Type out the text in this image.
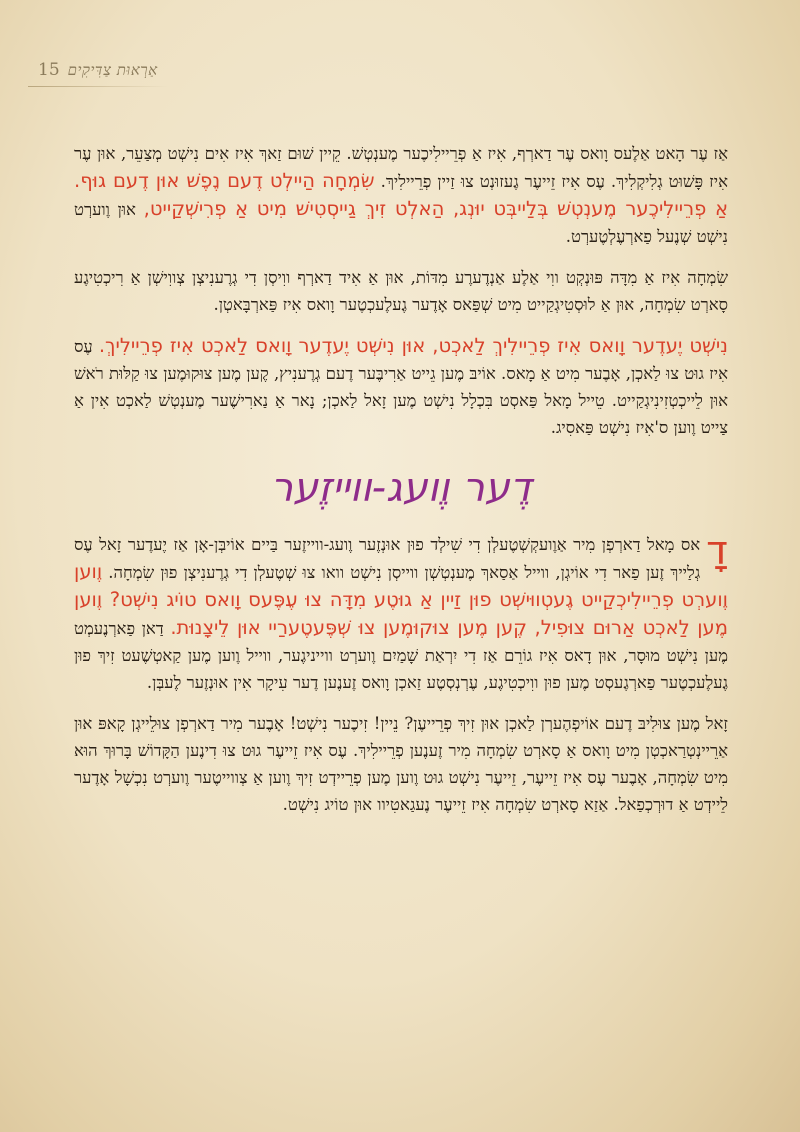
15 אַרְאוּת צַדִּיקִים

אַז עֶר הָאט אַלֶעס וָואס עֶר דַארְף, אִיז אַ פְרֵיילִיכֶער מֶענְטְשׁ. קֵיין שׁוּם זַאךְ אִיז אִים נִישְׁט מְצַעֵר, אוּן עֶר אִיז פָּשׁוּט גְלִיקְלִיךְ. עֶס אִיז זֵייעֶר גֶעזוּנְט צוּ זַיין פְרֵיילִיךְ. שִׂמְחָה הַיילְט דֶעם נֶפֶשׁ אוּן דֶעם גוּף. אַ פְרֵיילִיכֶער מֶענְטְשׁ בְּלַייבְּט יוּנְג, הַאלְט זִיךְ גַייסְטִישׁ מִיט אַ פְרִישְׁקַייט, אוּן וֶוערְט נִישְׁט שְׁנֶעל פַארְעֶלְטֶערְט.

שִׂמְחָה אִיז אַ מִדָּה פּוּנְקְט ווִי אַלֶע אַנְדֶערֶע מִדּוֹת, אוּן אַ אִיד דַארְף ווִיסְן דִי גְרֶענִיצְן צְווִישְׁן אַ רִיכְטִיגֶע סָארְט שִׂמְחָה, אוּן אַ לוּסְטִיגְקַייט מִיט שְׁפַּאס אָדֶער גֶעלֶעכְטֶער וָואס אִיז פַּארְבָּאטְן.

נִישְׁט יֶעדֶער וָואס אִיז פְרֵיילִיךְ לַאכְט, אוּן נִישְׁט יֶעדֶער וָואס לַאכְט אִיז פְרֵיילִיךְ. עֶס אִיז גוּט צוּ לַאכְן, אָבֶער מִיט אַ מָאס. אוֹיבּ מֶען גֵייט אַרִיבֶּער דֶעם גְרֶענִיץ, קֶען מֶען צוּקוּמֶען צוּ קַלּוּת רֹאשׁ אוּן לֵייכְטְזִינִיגְקַייט. טֵייל מָאל פַּאסְט בִּכְלָל נִישְׁט מֶען זָאל לַאכְן; נָאר אַ נַארִישֶׁער מֶענְטְשׁ לַאכְט אִין אַ צַייט וֶוען ס'אִיז נִישְׁט פַּאסִיג.

דֶער וֶועג-ווייזֶער

דָ
אס מָאל דַארְפְן מִיר אַוֶועקְשְׁטֶעלְן דִי שִׁילְד פוּן אוּנְזֶער וֶועג-ווייזֶער בַּיים אוֹיבְּן-אָן אַז יֶעדֶער זָאל עֶס גְלַייךְ זֶען פַאר דִי אוֹיגְן, ווייל אַסַאךְ מֶענְטְשְׁן ווייסְן נִישְׁט וואו צוּ שְׁטֶעלְן דִי גְרֶענִיצְן פוּן שִׂמְחָה. וֶוען וֶוערְט פְרֵיילִיכְקַייט גֶעטְווּישְׁט פוּן זַיין אַ גוּטֶע מִדָּה צוּ עֶפֶּעס וָואס טוֹיג נִישְׁט? וֶוען מֶען לַאכְט אַרוּם צוּפִיל, קֶען מֶען צוּקוּמֶען צוּ שְׁפֶּעטֶערַיי אוּן לֵיצָנוּת. דַאן פַארְנֶעמְט מֶען נִישְׁט מוּסָר, אוּן דָאס אִיז גוֹרֵם אַז דִי יִרְאַת שָׁמַיִם וֶוערְט ווייניגֶער, ווייל וֶוען מֶען קַאטְשֶׁעט זִיךְ פוּן גֶעלֶעכְטֶער פַארְגֶעסְט מֶען פוּן ווִיכְטִיגֶע, עֶרְנְסְטֶע זַאכְן וָואס זֶענֶען דֶער עִיקָר אִין אוּנְזֶער לֶעבְּן.

זָאל מֶען צוּלִיבּ דֶעם אוֹיפְהֶערְן לַאכְן אוּן זִיךְ פְרֵייעֶן? נֵיין! זִיכֶער נִישְׁט! אָבֶער מִיר דַארְפְן צוּלֵייגְן קָאפּ אוּן אַרֵיינְטְרַאכְטְן מִיט וָואס אַ סָארְט שִׂמְחָה מִיר זֶענֶען פְרֵיילִיךְ. עֶס אִיז זֵייעֶר גוּט צוּ דִינֶען הַקָּדוֹשׁ בָּרוּךְ הוּא מִיט שִׂמְחָה, אָבֶער עֶס אִיז זֵייעֶר, זֵייעֶר נִישְׁט גוּט וֶוען מֶען פְרֵיידְט זִיךְ וֶוען אַ צְווייטֶער וֶוערְט נִכְשָׁל אָדֶער לֵיידְט אַ דוּרְכְפַאל. אַזַא סָארְט שִׂמְחָה אִיז זֵייעֶר נֶעגַאטִיוו אוּן טוֹיג נִישְׁט.
